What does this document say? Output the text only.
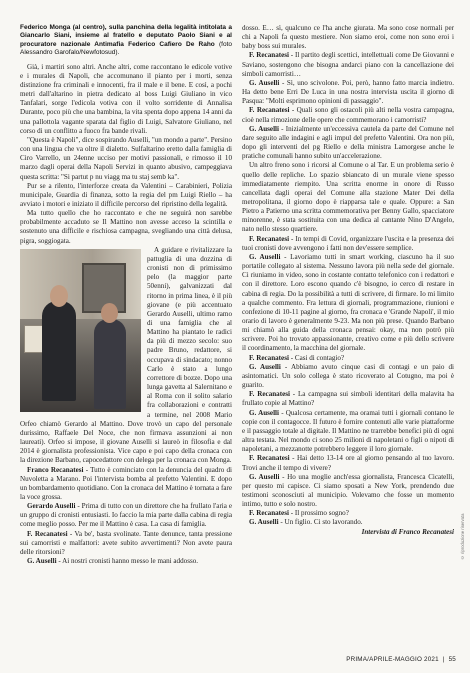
Federico Monga (al centro), sulla panchina della legalità intitolata a Giancarlo Siani, insieme al fratello e deputato Paolo Siani e al procuratore nazionale Antimafia Federico Cafiero De Raho (foto Alessandro Garofalo/Newfotosud).

Già, i martiri sono altri. Anche altri, come raccontano le edicole votive e i murales di Napoli, che accomunano il pianto per i morti, senza distinzione fra criminali e innocenti, fra il male e il bene. E così, a pochi metri dall'altarino in pietra dedicato al boss Luigi Giuliano in vico Tanfalari, sorge l'edicola votiva con il volto sorridente di Annalisa Durante, poco più che una bambina, la vita spenta dopo appena 14 anni da una pallottola vagante sparata dal figlio di Luigi, Salvatore Giuliano, nel corso di un conflitto a fuoco fra bande rivali.

"Questa è Napoli", dice sospirando Auselli, "un mondo a parte". Persino con una lingua che va oltre il dialetto. Sulfaltarino eretto dalla famiglia di Ciro Varrello, un 24enne ucciso per motivi passionali, e rimosso il 10 marzo dagli operai della Napoli Servizi in quanto abusivo, campeggiava questa scritta: "Si partut p nu viagg ma tu staj semb ka".

Pur se a rilento, l'interforze creata da Valentini – Carabinieri, Polizia municipale, Guardia di finanza, sotto la regia del pm Luigi Riello – ha avviato i motori e iniziato il difficile percorso del ripristino della legalità.

Ma tutto quello che ho raccontato e che ne seguirà non sarebbe probabilmente accaduto se Il Mattino non avesse acceso la scintilla e sostenuto una difficile e rischiosa campagna, svegliando una città delusa, pigra, soggiogata.

A guidare e rivitalizzare la pattuglia di una dozzina di cronisti non di primissimo pelo (la maggior parte 50enni), galvanizzati dal ritorno in prima linea, è il più giovane (e più accentuato Gerardo Auselli, ultimo ramo di una famiglia che al Mattino ha piantato le radici da più di mezzo secolo: suo padre Bruno, redattore, si occupava di sindacato; nonno Carlo è stato a lungo correttore di bozze. Dopo una lunga gavetta al Salernitano e al Roma con il solito salario fra collaborazioni e contratti a termine, nel 2008 Mario Orfeo chiamò Gerardo al Mattino. Dove trovò un capo del personale durissimo, Raffaele Del Noce, che non firmava assunzioni ai non laureati). Orfeo si impose, il giovane Auselli si laureò in filosofia e dal 2014 è giornalista professionista. Vice capo e poi capo della cronaca con la direzione Barbano, capocedattore con delega per la cronaca con Monga.

Franco Recanatesi - Tutto è cominciato con la denuncia del quadro di Nuvoletta a Marano. Poi l'intervista bomba al prefetto Valentini. E dopo un bombardamento quotidiano. Con la cronaca del Mattino è tornata a fare la voce grossa.

Gerardo Auselli - Prima di tutto con un direttore che ha frullato l'aria e un gruppo di cronisti entusiasti. Io faccio la mia parte dalla cabina di regia come meglio posso. Per me il Mattino è casa. La casa di famiglia.

F. Recanatesi - Va be', basta svolinate. Tante denunce, tanta pressione sui camorristi e malfattori: avete subito avvertimenti? Non avete paura delle ritorsioni?

G. Auselli - Ai nostri cronisti hanno messo le mani addosso.

dosso. E… sì, qualcuno ce l'ha anche giurata. Ma sono cose normali per chi a Napoli fa questo mestiere. Non siamo eroi, come non sono eroi i baby boss sui murales.

F. Recanatesi - Il partito degli scettici, intellettuali come De Giovanni e Saviano, sostengono che bisogna andarci piano con la cancellazione dei simboli camorristi…

G. Auselli - Sì, uno scivolone. Poi, però, hanno fatto marcia indietro. Ha detto bene Erri De Luca in una nostra intervista uscita il giorno di Pasqua: "Molti esprimono opinioni di passaggio".

F. Recanatesi - Quali sono gli ostacoli più alti nella vostra campagna, cioè nella rimozione delle opere che commemorano i camorristi?

G. Auselli - Inizialmente un'eccessiva cautela da parte del Comune nel dare seguito alle indagini e agli impul del prefetto Valentini. Ora non più, dopo gli interventi del pg Riello e della ministra Lamorgese anche le pratiche comunali hanno subito un'accelerazione.

Un altro freno sono i ricorsi al Comune o al Tar. E un problema serio è quello delle repliche. Lo spazio sbiancato di un murale viene spesso immediatamente riempito. Una scritta enorme in onore di Russo cancellata dagli operai del Comune alla stazione Mater Dei della metropolitana, il giorno dopo è riapparsa tale e quale. Oppure: a San Pietro a Patierno una scritta commemorativa per Benny Gallo, spacciatore minorenne, è stata sostituita con una dedica al cantante Nino D'Angelo, nato nello stesso quartiere.

F. Recanatesi - In tempi di Covid, organizzare l'uscita e la presenza dei tuoi cronisti dove avvengono i fatti non dev'essere semplice.

G. Auselli - Lavoriamo tutti in smart working, ciascuno ha il suo portatile collegato al sistema. Nessuno lavora più nella sede del giornale. Ci riuniamo in video, sono in costante contatto telefonico con i redattori e con il direttore. Loro escono quando c'è bisogno, io cerco di restare in cabina di regia. Do la possibilità a tutti di scrivere, di firmare. Io mi limito a qualche commento. Fra lettura di giornali, programmazione, riunioni e confezione di 10-11 pagine al giorno, fra cronaca e 'Grande Napoli', il mio orario di lavoro è generalmente 9-23. Ma non più prese. Quando Barbano mi chiamò alla guida della cronaca pensai: okay, ma non potrò più scrivere. Poi ho trovato appassionante, creativo come e più dello scrivere il coordinamento, la macchina del giornale.

F. Recanatesi - Casi di contagio?

G. Auselli - Abbiamo avuto cinque casi di contagi e un paio di asintomatici. Un solo collega è stato ricoverato al Cotugno, ma poi è guarito.

F. Recanatesi - La campagna sui simboli identitari della malavita ha frullato copie al Mattino?

G. Auselli - Qualcosa certamente, ma oramai tutti i giornali contano le copie con il contagocce. Il futuro è fornire contenuti alle varie piattaforme e il passaggio totale al digitale. Il Mattino ne trarrebbe benefici più di ogni altra testata. Nel mondo ci sono 25 milioni di napoletani o figli o nipoti di napoletani, a mezzanotte potrebbero leggere il loro giornale.

F. Recanatesi - Hai detto 13-14 ore al giorno pensando al tuo lavoro. Trovi anche il tempo di vivere?

G. Auselli - Ho una moglie anch'essa giornalista, Francesca Cicatelli, per questo mi capisce. Ci siamo sposati a New York, prendendo due testimoni sconosciuti al municipio. Volevamo che fosse un momento intimo, tutto e solo nostro.

F. Recanatesi - Il prossimo sogno?

G. Auselli - Un figlio. Ci sto lavorando.

Intervista di Franco Recanatesi © riproduzione riservata
PRIMA/APRILE-MAGGIO 2021 | 55
